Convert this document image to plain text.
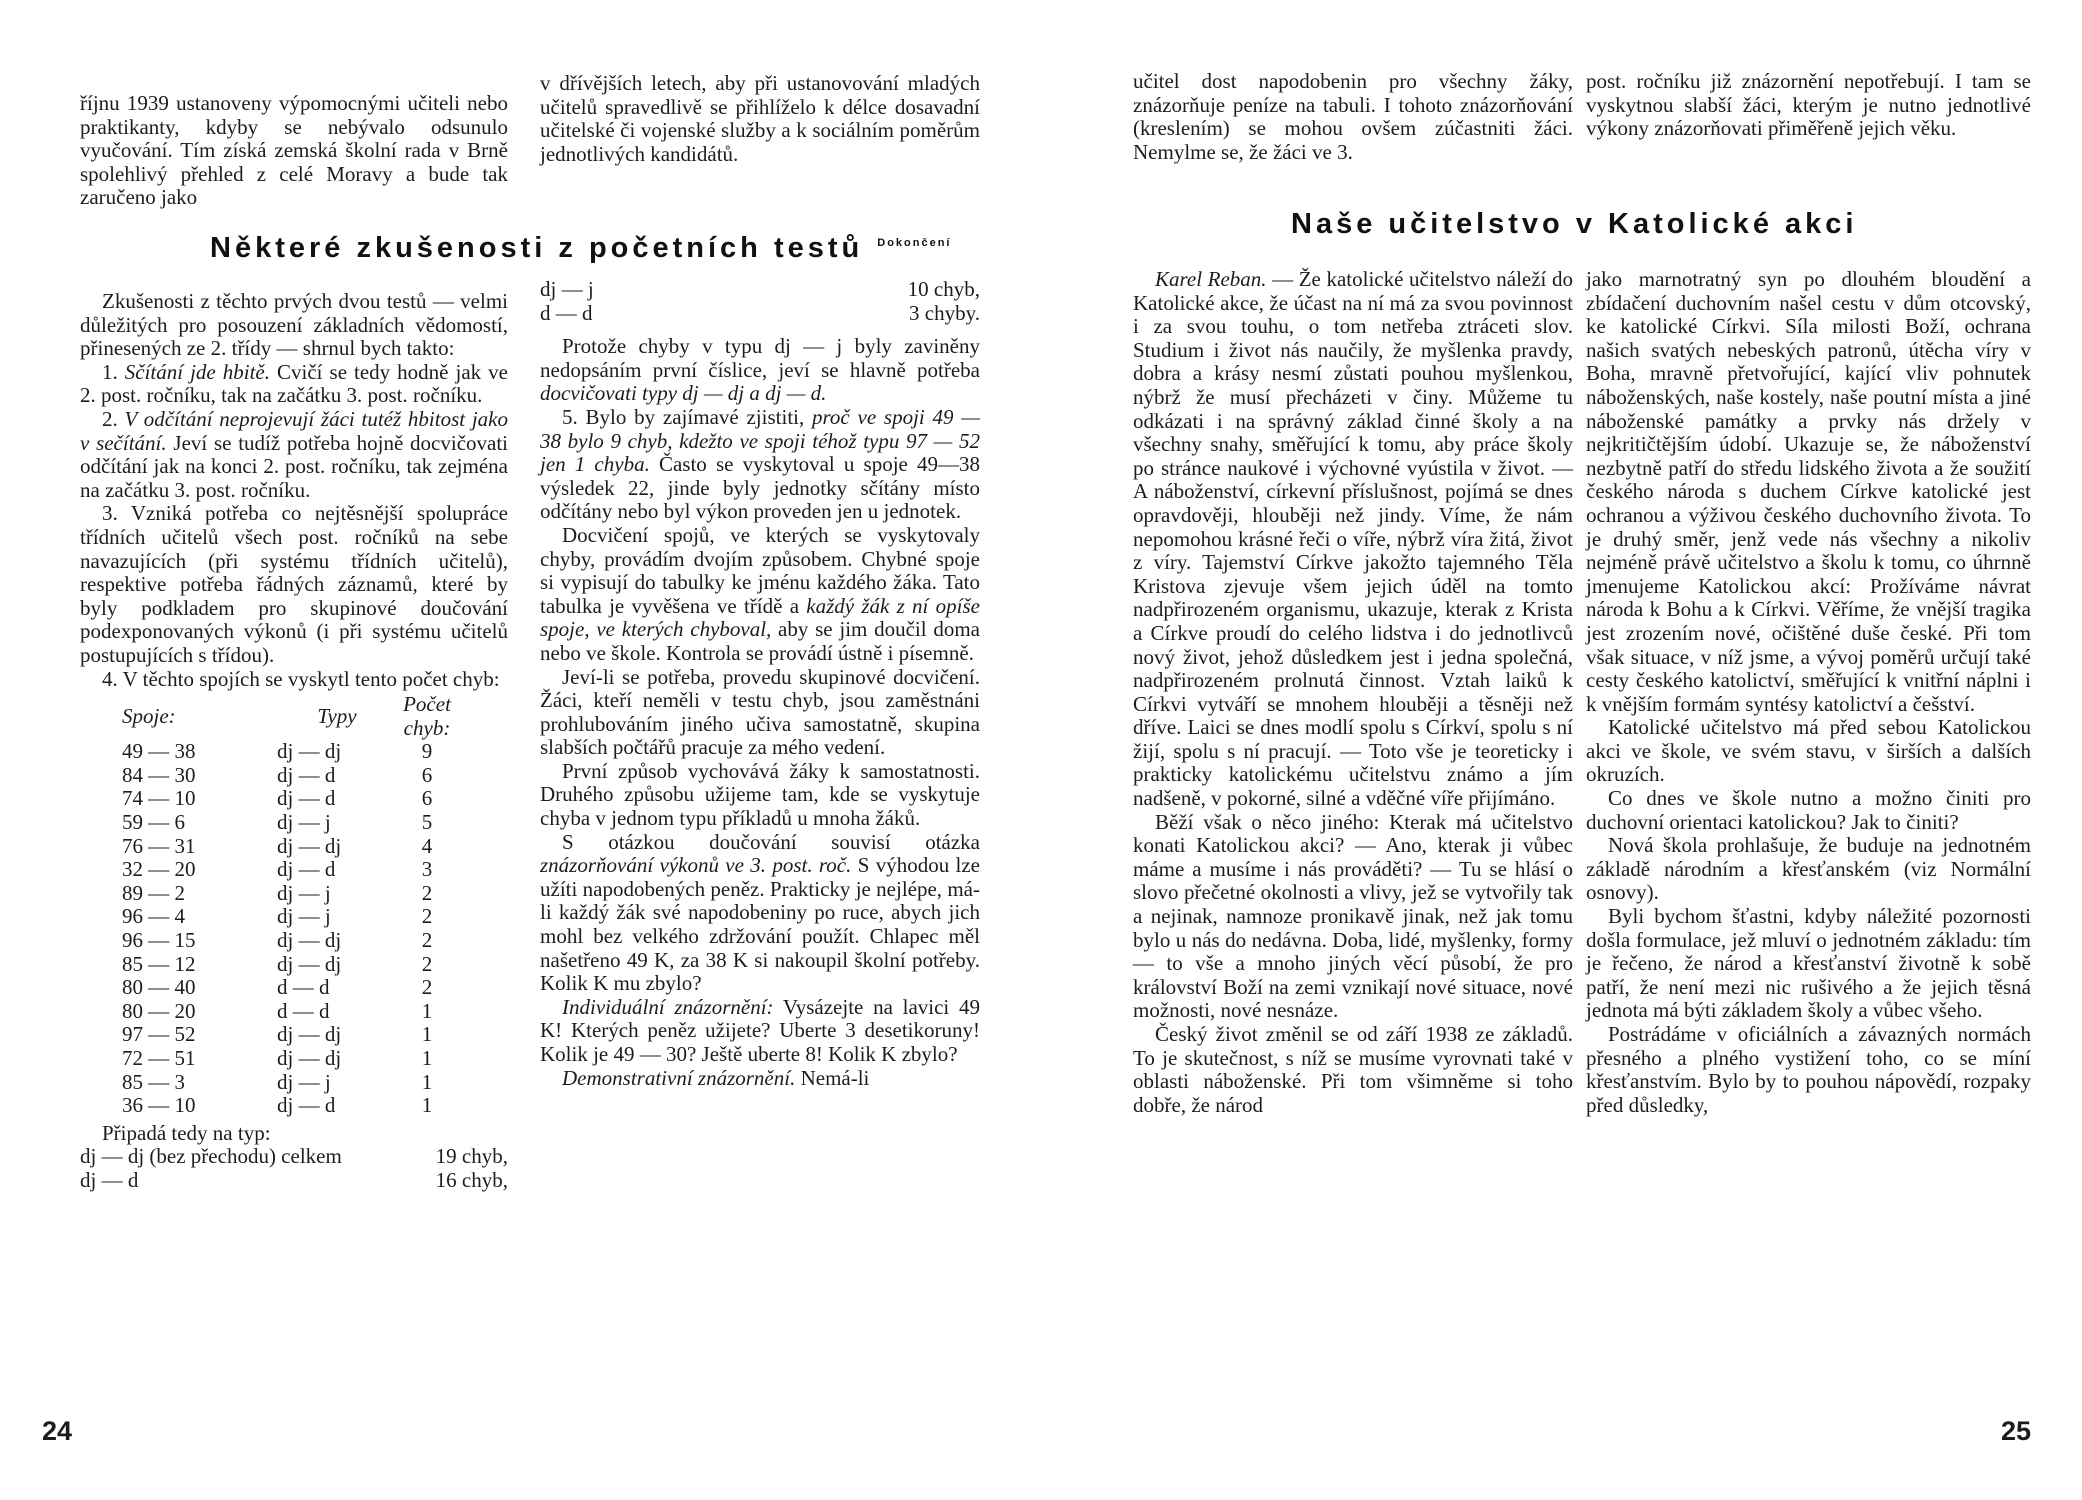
říjnu 1939 ustanoveny výpomocnými učiteli nebo praktikanty, kdyby se nebývalo odsunulo vyučování. Tím získá zemská školní rada v Brně spolehlivý přehled z celé Moravy a bude tak zaručeno jako

v dřívějších letech, aby při ustanovování mladých učitelů spravedlivě se přihlíželo k délce dosavadní učitelské či vojenské služby a k sociálním poměrům jednotlivých kandidátů.

Některé zkušenosti z početních testů $^{Dokončení}$

Zkušenosti z těchto prvých dvou testů — velmi důležitých pro posouzení základních vědomostí, přinesených ze 2. třídy — shrnul bych takto:

1. Sčítání jde hbitě. Cvičí se tedy hodně jak ve 2. post. ročníku, tak na začátku 3. post. ročníku.

2. V odčítání neprojevují žáci tutéž hbitost jako v sečítání. Jeví se tudíž potřeba hojně docvičovati odčítání jak na konci 2. post. ročníku, tak zejména na začátku 3. post. ročníku.

3. Vzniká potřeba co nejtěsnější spolupráce třídních učitelů všech post. ročníků na sebe navazujících (při systému třídních učitelů), respektive potřeba řádných záznamů, které by byly podkladem pro skupinové doučování podexponovaných výkonů (i při systému učitelů postupujících s třídou).

4. V těchto spojích se vyskytl tento počet chyb:

Spoje:	Typy	Počet chyb:
49 — 38	dj — dj	9
84 — 30	dj — d	6
74 — 10	dj — d	6
59 — 6	dj — j	5
76 — 31	dj — dj	4
32 — 20	dj — d	3
89 — 2	dj — j	2
96 — 4	dj — j	2
96 — 15	dj — dj	2
85 — 12	dj — dj	2
80 — 40	d — d	2
80 — 20	d — d	1
97 — 52	dj — dj	1
72 — 51	dj — dj	1
85 — 3	dj — j	1
36 — 10	dj — d	1

Připadá tedy na typ:

dj — dj (bez přechodu) celkem	19 chyb,
dj — d	16 chyb,
dj — j	10 chyb,
d — d	3 chyby.

Protože chyby v typu dj — j byly zaviněny nedopsáním první číslice, jeví se hlavně potřeba docvičovati typy dj — dj a dj — d.

5. Bylo by zajímavé zjistiti, proč ve spoji 49 — 38 bylo 9 chyb, kdežto ve spoji téhož typu 97 — 52 jen 1 chyba. Často se vyskytoval u spoje 49—38 výsledek 22, jinde byly jednotky sčítány místo odčítány nebo byl výkon proveden jen u jednotek.

Docvičení spojů, ve kterých se vyskytovaly chyby, provádím dvojím způsobem. Chybné spoje si vypisují do tabulky ke jménu každého žáka. Tato tabulka je vyvěšena ve třídě a každý žák z ní opíše spoje, ve kterých chyboval, aby se jim doučil doma nebo ve škole. Kontrola se provádí ústně i písemně.

Jeví-li se potřeba, provedu skupinové docvičení. Žáci, kteří neměli v testu chyb, jsou zaměstnáni prohlubováním jiného učiva samostatně, skupina slabších počtářů pracuje za mého vedení.

První způsob vychovává žáky k samostatnosti. Druhého způsobu užijeme tam, kde se vyskytuje chyba v jednom typu příkladů u mnoha žáků.

S otázkou doučování souvisí otázka znázorňování výkonů ve 3. post. roč. S výhodou lze užíti napodobených peněz. Prakticky je nejlépe, má-li každý žák své napodobeniny po ruce, abych jich mohl bez velkého zdržování použít. Chlapec měl našetřeno 49 K, za 38 K si nakoupil školní potřeby. Kolik K mu zbylo?

Individuální znázornění: Vysázejte na lavici 49 K! Kterých peněz užijete? Uberte 3 desetikoruny! Kolik je 49 — 30? Ještě uberte 8! Kolik K zbylo?

Demonstrativní znázornění. Nemá-li

24

učitel dost napodobenin pro všechny žáky, znázorňuje peníze na tabuli. I tohoto znázorňování (kreslením) se mohou ovšem zúčastniti žáci. Nemylme se, že žáci ve 3.

post. ročníku již znázornění nepotřebují. I tam se vyskytnou slabší žáci, kterým je nutno jednotlivé výkony znázorňovati přiměřeně jejich věku.

Naše učitelstvo v Katolické akci

Karel Reban. — Že katolické učitelstvo náleží do Katolické akce, že účast na ní má za svou povinnost i za svou touhu, o tom netřeba ztráceti slov. Studium i život nás naučily, že myšlenka pravdy, dobra a krásy nesmí zůstati pouhou myšlenkou, nýbrž že musí přecházeti v činy. Můžeme tu odkázati i na správný základ činné školy a na všechny snahy, směřující k tomu, aby práce školy po stránce naukové i výchovné vyústila v život. — A náboženství, církevní příslušnost, pojímá se dnes opravdověji, hlouběji než jindy. Víme, že nám nepomohou krásné řeči o víře, nýbrž víra žitá, život z víry. Tajemství Církve jakožto tajemného Těla Kristova zjevuje všem jejich úděl na tomto nadpřirozeném organismu, ukazuje, kterak z Krista a Církve proudí do celého lidstva i do jednotlivců nový život, jehož důsledkem jest i jedna společná, nadpřirozeném prolnutá činnost. Vztah laiků k Církvi vytváří se mnohem hlouběji a těsněji než dříve. Laici se dnes modlí spolu s Církví, spolu s ní žijí, spolu s ní pracují. — Toto vše je teoreticky i prakticky katolickému učitelstvu známo a jím nadšeně, v pokorné, silné a vděčné víře přijímáno.

Běží však o něco jiného: Kterak má učitelstvo konati Katolickou akci? — Ano, kterak ji vůbec máme a musíme i nás prováděti? — Tu se hlásí o slovo přečetné okolnosti a vlivy, jež se vytvořily tak a nejinak, namnoze pronikavě jinak, než jak tomu bylo u nás do nedávna. Doba, lidé, myšlenky, formy — to vše a mnoho jiných věcí působí, že pro království Boží na zemi vznikají nové situace, nové možnosti, nové nesnáze.

Český život změnil se od září 1938 ze základů. To je skutečnost, s níž se musíme vyrovnati také v oblasti náboženské. Při tom všimněme si toho dobře, že národ

jako marnotratný syn po dlouhém bloudění a zbídačení duchovním našel cestu v dům otcovský, ke katolické Církvi. Síla milosti Boží, ochrana našich svatých nebeských patronů, útěcha víry v Boha, mravně přetvořující, kající vliv pohnutek náboženských, naše kostely, naše poutní místa a jiné náboženské památky a prvky nás držely v nejkritičtějším údobí. Ukazuje se, že náboženství nezbytně patří do středu lidského života a že soužití českého národa s duchem Církve katolické jest ochranou a výživou českého duchovního života. To je druhý směr, jenž vede nás všechny a nikoliv nejméně právě učitelstvo a školu k tomu, co úhrnně jmenujeme Katolickou akcí: Prožíváme návrat národa k Bohu a k Církvi. Věříme, že vnější tragika jest zrozením nové, očištěné duše české. Při tom však situace, v níž jsme, a vývoj poměrů určují také cesty českého katolictví, směřující k vnitřní náplni i k vnějším formám syntésy katolictví a češství.

Katolické učitelstvo má před sebou Katolickou akci ve škole, ve svém stavu, v širších a dalších okruzích.

Co dnes ve škole nutno a možno činiti pro duchovní orientaci katolickou? Jak to činiti?

Nová škola prohlašuje, že buduje na jednotném základě národním a křesťanském (viz Normální osnovy).

Byli bychom šťastni, kdyby náležité pozornosti došla formulace, jež mluví o jednotném základu: tím je řečeno, že národ a křesťanství životně k sobě patří, že není mezi nic rušivého a že jejich těsná jednota má býti základem školy a vůbec všeho.

Postrádáme v oficiálních a závazných normách přesného a plného vystižení toho, co se míní křesťanstvím. Bylo by to pouhou nápovědí, rozpaky před důsledky,

25
